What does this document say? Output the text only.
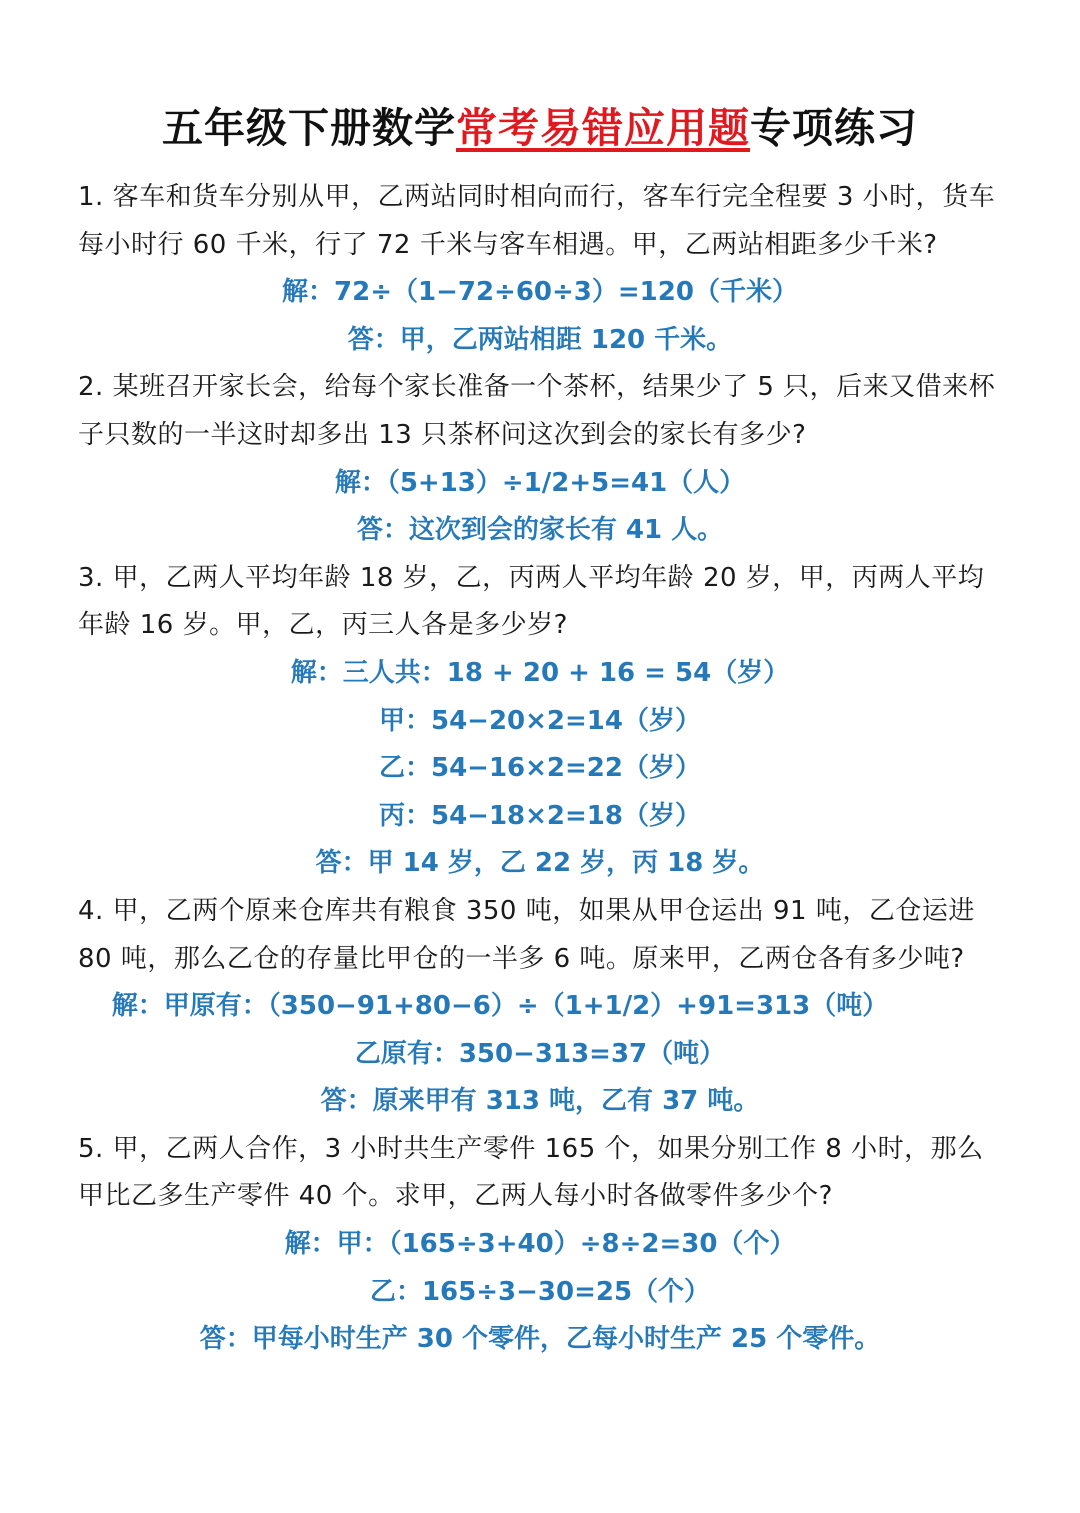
五年级下册数学常考易错应用题专项练习

1. 客车和货车分别从甲，乙两站同时相向而行，客车行完全程要 3 小时，货车每小时行 60 千米，行了 72 千米与客车相遇。甲，乙两站相距多少千米?

解：72÷（1−72÷60÷3）=120（千米）

答：甲，乙两站相距 120 千米。

2. 某班召开家长会，给每个家长准备一个茶杯，结果少了 5 只，后来又借来杯子只数的一半这时却多出 13 只茶杯问这次到会的家长有多少?

解：（5+13）÷1/2+5=41（人）

答：这次到会的家长有 41 人。

3. 甲，乙两人平均年龄 18 岁，乙，丙两人平均年龄 20 岁，甲，丙两人平均年龄 16 岁。甲，乙，丙三人各是多少岁?

解：三人共：18 + 20 + 16 = 54（岁）

甲：54−20×2=14（岁）

乙：54−16×2=22（岁）

丙：54−18×2=18（岁）

答：甲 14 岁，乙 22 岁，丙 18 岁。

4. 甲，乙两个原来仓库共有粮食 350 吨，如果从甲仓运出 91 吨，乙仓运进 80 吨，那么乙仓的存量比甲仓的一半多 6 吨。原来甲，乙两仓各有多少吨?

解：甲原有：（350−91+80−6）÷（1+1/2）+91=313（吨）

乙原有：350−313=37（吨）

答：原来甲有 313 吨，乙有 37 吨。

5. 甲，乙两人合作，3 小时共生产零件 165 个，如果分别工作 8 小时，那么甲比乙多生产零件 40 个。求甲，乙两人每小时各做零件多少个?

解：甲：（165÷3+40）÷8÷2=30（个）

乙：165÷3−30=25（个）

答：甲每小时生产 30 个零件，乙每小时生产 25 个零件。
